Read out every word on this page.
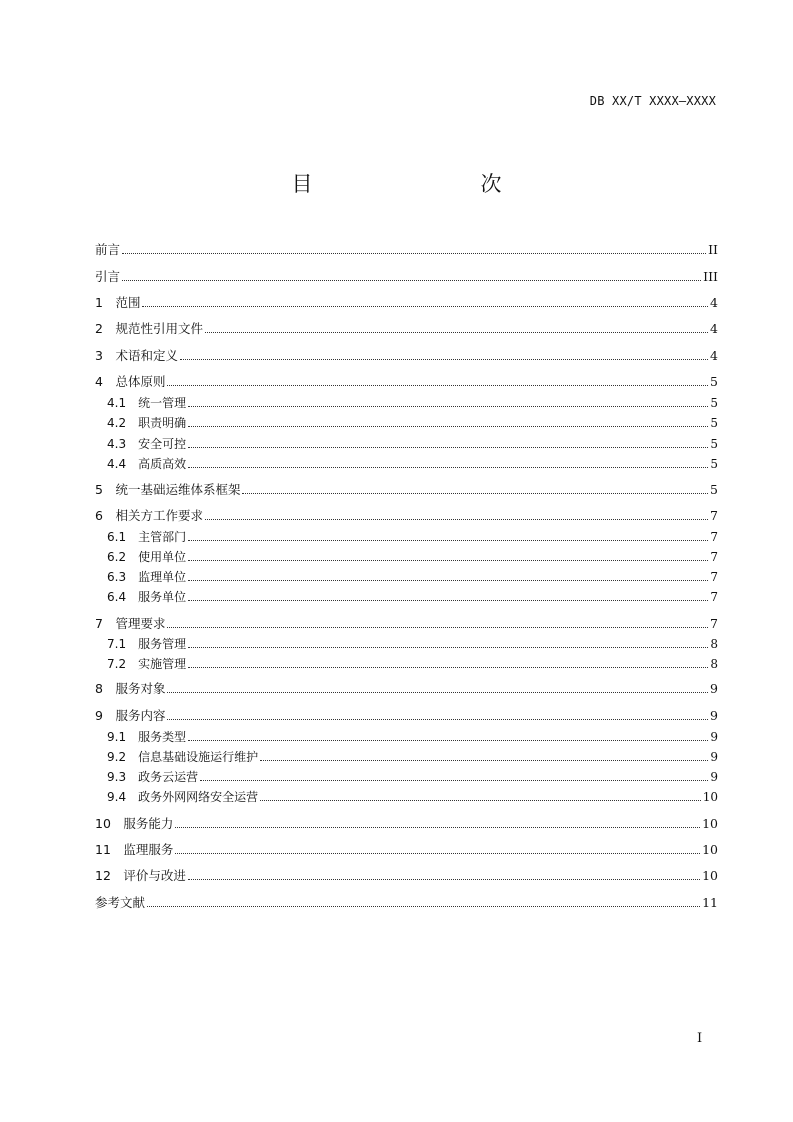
DB XX/T XXXX—XXXX
目　　次
前言	II
引言	III
1　 范围	4
2　 规范性引用文件	4
3　 术语和定义	4
4　 总体原则	5
4.1　 统一管理	5
4.2　 职责明确	5
4.3　 安全可控	5
4.4　 高质高效	5
5　 统一基础运维体系框架	5
6　 相关方工作要求	7
6.1　 主管部门	7
6.2　 使用单位	7
6.3　 监理单位	7
6.4　 服务单位	7
7　 管理要求	7
7.1　 服务管理	8
7.2　 实施管理	8
8　 服务对象	9
9　 服务内容	9
9.1　 服务类型	9
9.2　 信息基础设施运行维护	9
9.3　 政务云运营	9
9.4　 政务外网网络安全运营	10
10　 服务能力	10
11　 监理服务	10
12　 评价与改进	10
参考文献	11
I
